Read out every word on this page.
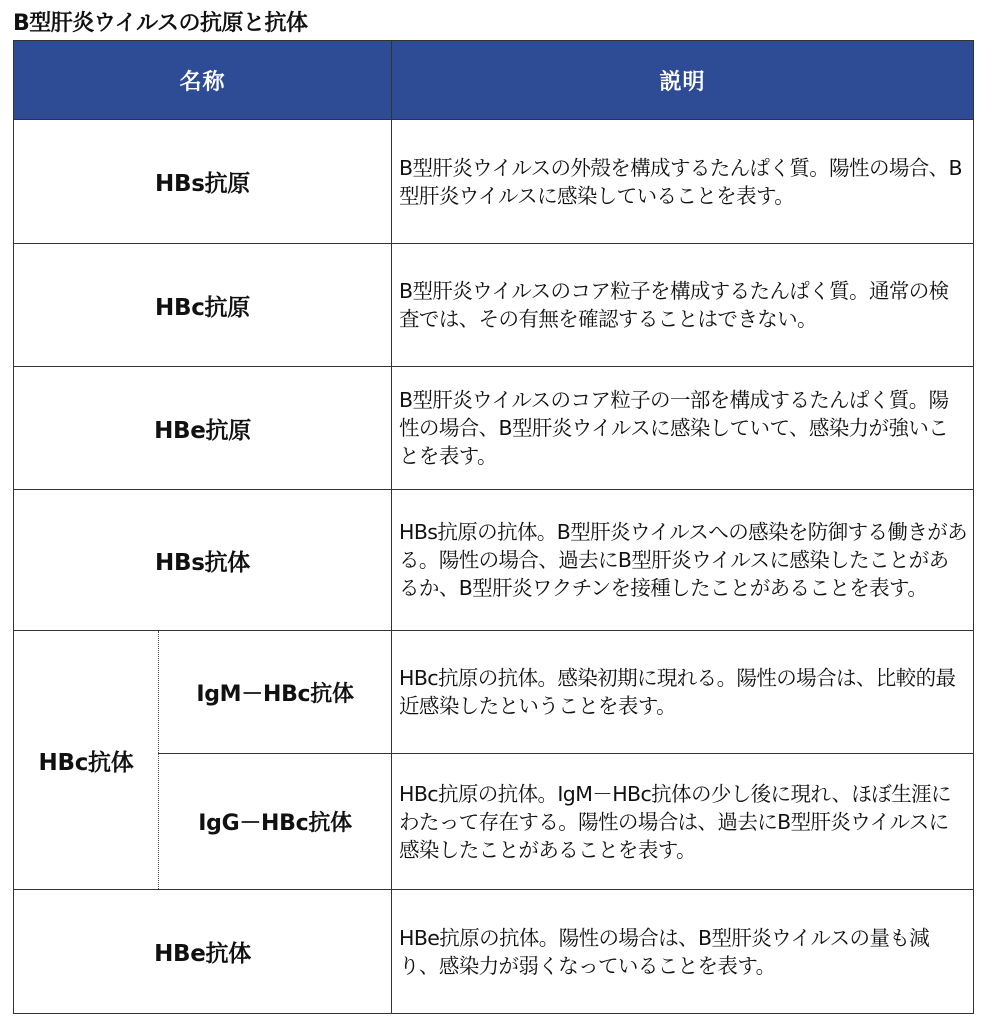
B型肝炎ウイルスの抗原と抗体
名称		説明
HBs抗原		B型肝炎ウイルスの外殻を構成するたんぱく質。陽性の場合、B型肝炎ウイルスに感染していることを表す。
HBc抗原		B型肝炎ウイルスのコア粒子を構成するたんぱく質。通常の検査では、その有無を確認することはできない。
HBe抗原		B型肝炎ウイルスのコア粒子の一部を構成するたんぱく質。陽性の場合、B型肝炎ウイルスに感染していて、感染力が強いことを表す。
HBs抗体		HBs抗原の抗体。B型肝炎ウイルスへの感染を防御する働きがある。陽性の場合、過去にB型肝炎ウイルスに感染したことがあるか、B型肝炎ワクチンを接種したことがあることを表す。
HBc抗体	IgM－HBc抗体	HBc抗原の抗体。感染初期に現れる。陽性の場合は、比較的最近感染したということを表す。
	IgG－HBc抗体	HBc抗原の抗体。IgM－HBc抗体の少し後に現れ、ほぼ生涯にわたって存在する。陽性の場合は、過去にB型肝炎ウイルスに感染したことがあることを表す。
HBe抗体		HBe抗原の抗体。陽性の場合は、B型肝炎ウイルスの量も減り、感染力が弱くなっていることを表す。
